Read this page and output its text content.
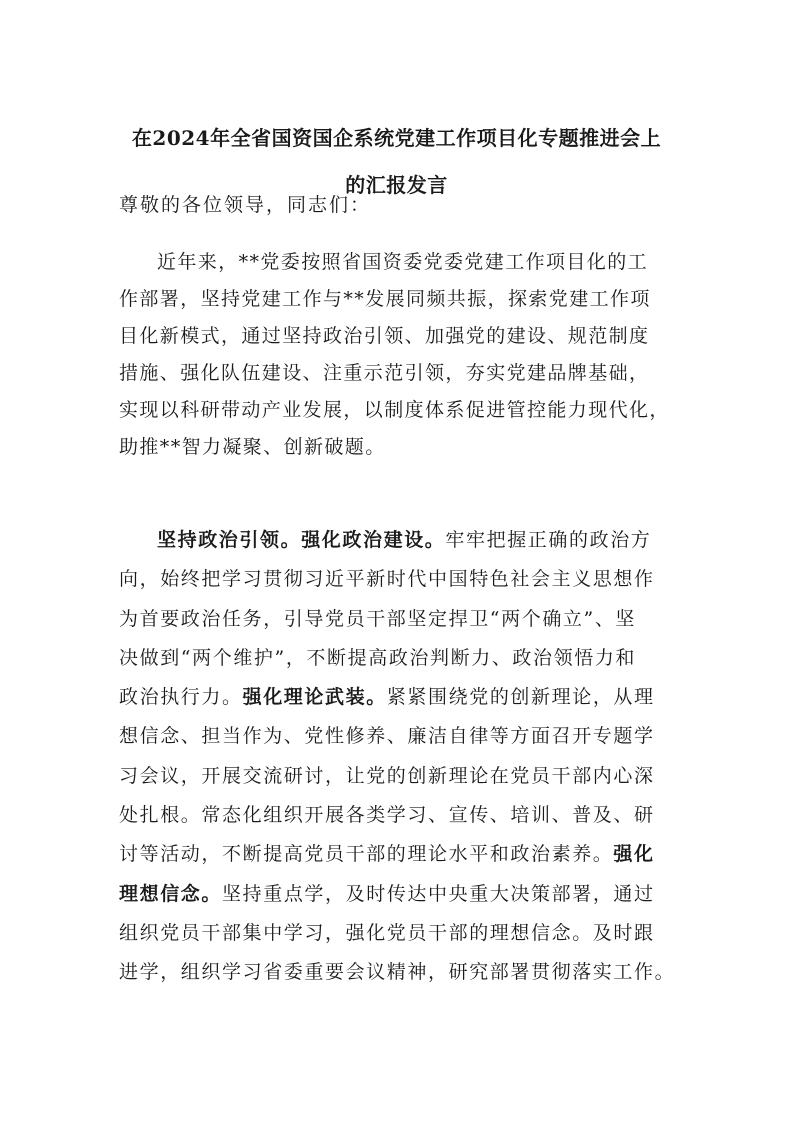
在2024年全省国资国企系统党建工作项目化专题推进会上
的汇报发言

尊敬的各位领导，同志们：

近年来，**党委按照省国资委党委党建工作项目化的工
作部署，坚持党建工作与**发展同频共振，探索党建工作项
目化新模式，通过坚持政治引领、加强党的建设、规范制度
措施、强化队伍建设、注重示范引领，夯实党建品牌基础，
实现以科研带动产业发展，以制度体系促进管控能力现代化，
助推**智力凝聚、创新破题。
坚持政治引领。强化政治建设。牢牢把握正确的政治方
向，始终把学习贯彻习近平新时代中国特色社会主义思想作
为首要政治任务，引导党员干部坚定捍卫“两个确立”、坚
决做到“两个维护”，不断提高政治判断力、政治领悟力和
政治执行力。强化理论武装。紧紧围绕党的创新理论，从理
想信念、担当作为、党性修养、廉洁自律等方面召开专题学
习会议，开展交流研讨，让党的创新理论在党员干部内心深
处扎根。常态化组织开展各类学习、宣传、培训、普及、研
讨等活动，不断提高党员干部的理论水平和政治素养。强化
理想信念。坚持重点学，及时传达中央重大决策部署，通过
组织党员干部集中学习，强化党员干部的理想信念。及时跟
进学，组织学习省委重要会议精神，研究部署贯彻落实工作。
